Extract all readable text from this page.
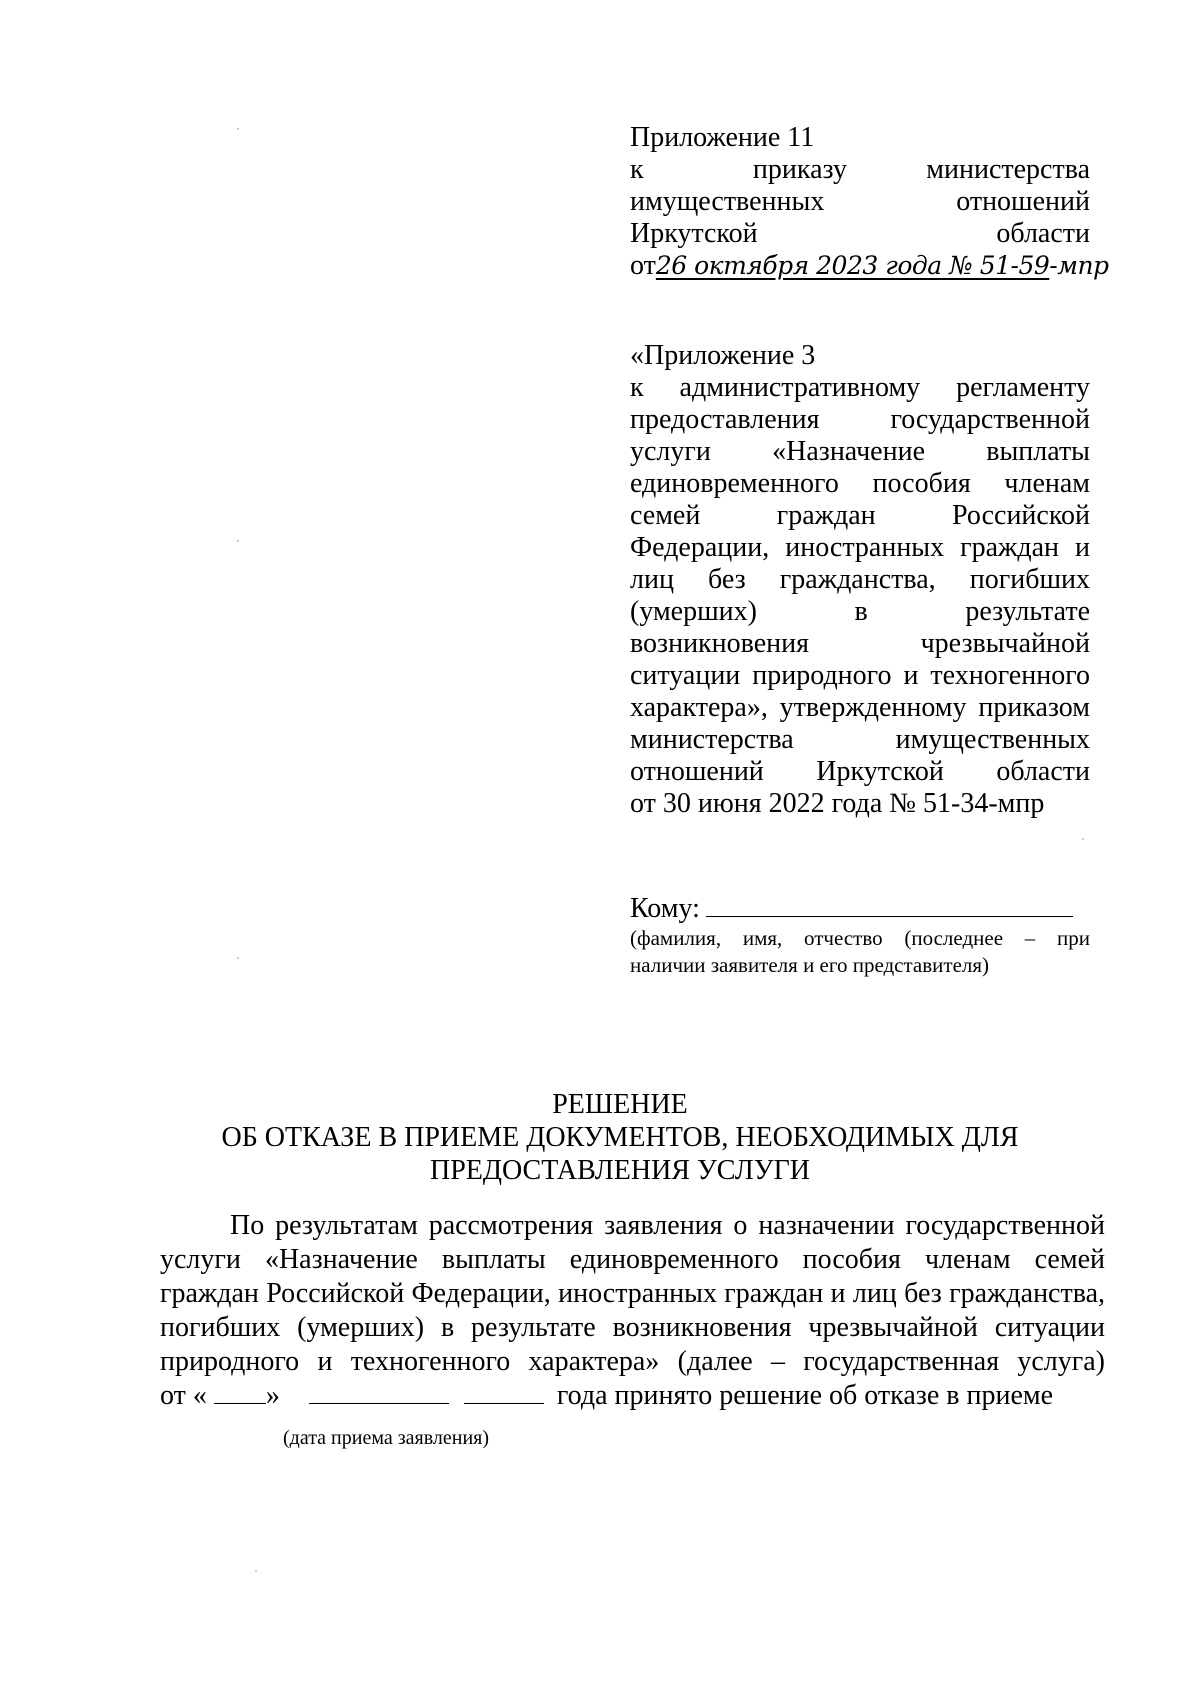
Приложение 11
к	приказу	министерства
имущественных	отношений
Иркутской	области
от26 октября 2023 года № 51-59-мпр
«Приложение 3
к административному регламенту
предоставления государственной
услуги «Назначение выплаты
единовременного пособия членам
семей граждан Российской
Федерации, иностранных граждан и
лиц без гражданства, погибших
(умерших) в результате
возникновения чрезвычайной
ситуации природного и техногенного
характера», утвержденному приказом
министерства имущественных
отношений Иркутской области
от 30 июня 2022 года № 51-34-мпр
Кому:
(фамилия, имя, отчество (последнее – при
наличии заявителя и его представителя)
РЕШЕНИЕ
ОБ ОТКАЗЕ В ПРИЕМЕ ДОКУМЕНТОВ, НЕОБХОДИМЫХ ДЛЯ
ПРЕДОСТАВЛЕНИЯ УСЛУГИ
По результатам рассмотрения заявления о назначении государственной
услуги «Назначение выплаты единовременного пособия членам семей
граждан Российской Федерации, иностранных граждан и лиц без гражданства,
погибших (умерших) в результате возникновения чрезвычайной ситуации
природного и техногенного характера» (далее – государственная услуга)
от « »	года принято решение об отказе в приеме
(дата приема заявления)
